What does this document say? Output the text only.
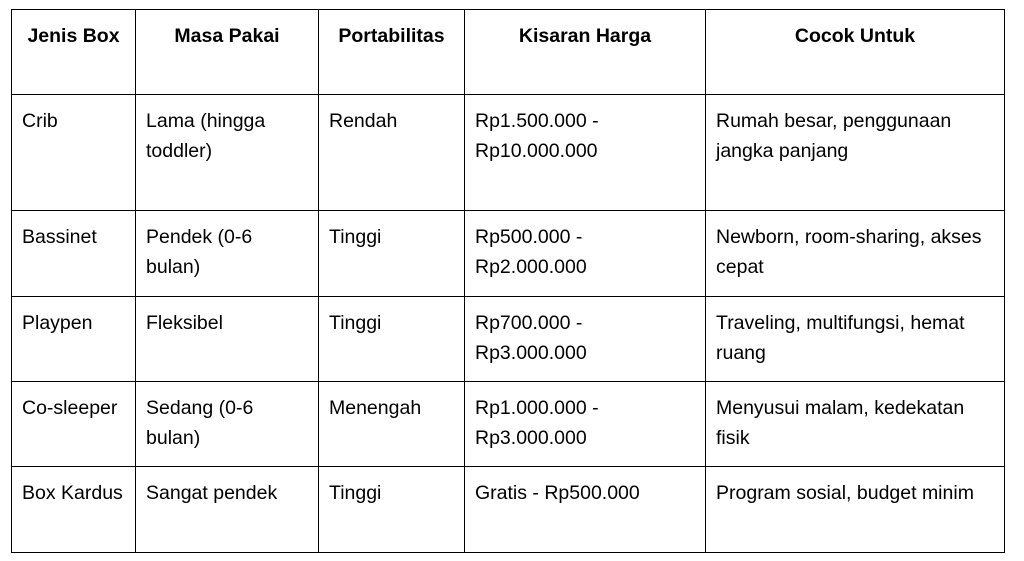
Jenis Box	Masa Pakai	Portabilitas	Kisaran Harga	Cocok Untuk
Crib	Lama (hingga toddler)	Rendah	Rp1.500.000 - Rp10.000.000	Rumah besar, penggunaan jangka panjang
Bassinet	Pendek (0-6 bulan)	Tinggi	Rp500.000 - Rp2.000.000	Newborn, room-sharing, akses cepat
Playpen	Fleksibel	Tinggi	Rp700.000 - Rp3.000.000	Traveling, multifungsi, hemat ruang
Co-sleeper	Sedang (0-6 bulan)	Menengah	Rp1.000.000 - Rp3.000.000	Menyusui malam, kedekatan fisik
Box Kardus	Sangat pendek	Tinggi	Gratis - Rp500.000	Program sosial, budget minim
